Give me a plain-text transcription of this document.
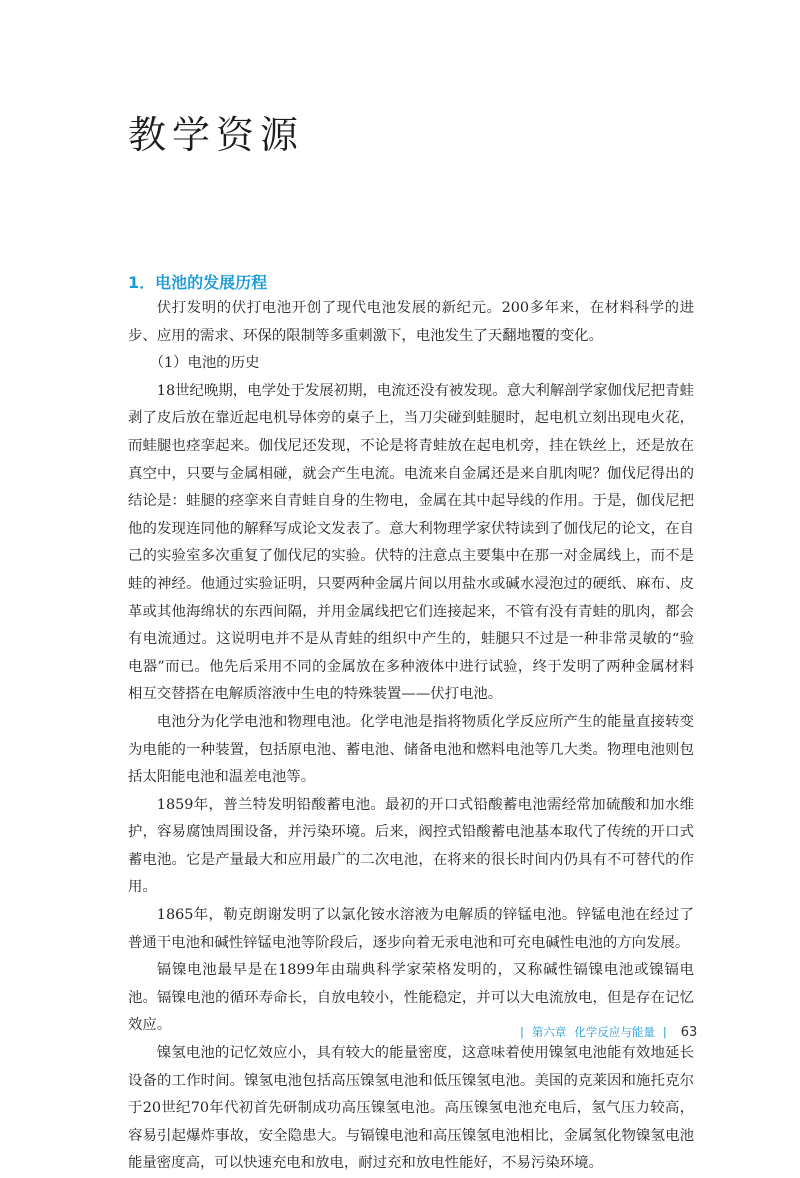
教学资源
1．电池的发展历程

伏打发明的伏打电池开创了现代电池发展的新纪元。200多年来，在材料科学的进步、应用的需求、环保的限制等多重刺激下，电池发生了天翻地覆的变化。

（1）电池的历史

18世纪晚期，电学处于发展初期，电流还没有被发现。意大利解剖学家伽伐尼把青蛙剥了皮后放在靠近起电机导体旁的桌子上，当刀尖碰到蛙腿时，起电机立刻出现电火花，而蛙腿也痉挛起来。伽伐尼还发现，不论是将青蛙放在起电机旁，挂在铁丝上，还是放在真空中，只要与金属相碰，就会产生电流。电流来自金属还是来自肌肉呢？伽伐尼得出的结论是：蛙腿的痉挛来自青蛙自身的生物电，金属在其中起导线的作用。于是，伽伐尼把他的发现连同他的解释写成论文发表了。意大利物理学家伏特读到了伽伐尼的论文，在自己的实验室多次重复了伽伐尼的实验。伏特的注意点主要集中在那一对金属线上，而不是蛙的神经。他通过实验证明，只要两种金属片间以用盐水或碱水浸泡过的硬纸、麻布、皮革或其他海绵状的东西间隔，并用金属线把它们连接起来，不管有没有青蛙的肌肉，都会有电流通过。这说明电并不是从青蛙的组织中产生的，蛙腿只不过是一种非常灵敏的“验电器”而已。他先后采用不同的金属放在多种液体中进行试验，终于发明了两种金属材料相互交替搭在电解质溶液中生电的特殊装置——伏打电池。

电池分为化学电池和物理电池。化学电池是指将物质化学反应所产生的能量直接转变为电能的一种装置，包括原电池、蓄电池、储备电池和燃料电池等几大类。物理电池则包括太阳能电池和温差电池等。

1859年，普兰特发明铅酸蓄电池。最初的开口式铅酸蓄电池需经常加硫酸和加水维护，容易腐蚀周围设备，并污染环境。后来，阀控式铅酸蓄电池基本取代了传统的开口式蓄电池。它是产量最大和应用最广的二次电池，在将来的很长时间内仍具有不可替代的作用。

1865年，勒克朗谢发明了以氯化铵水溶液为电解质的锌锰电池。锌锰电池在经过了普通干电池和碱性锌锰电池等阶段后，逐步向着无汞电池和可充电碱性电池的方向发展。

镉镍电池最早是在1899年由瑞典科学家荣格发明的，又称碱性镉镍电池或镍镉电池。镉镍电池的循环寿命长，自放电较小，性能稳定，并可以大电流放电，但是存在记忆效应。

镍氢电池的记忆效应小，具有较大的能量密度，这意味着使用镍氢电池能有效地延长设备的工作时间。镍氢电池包括高压镍氢电池和低压镍氢电池。美国的克莱因和施托克尔于20世纪70年代初首先研制成功高压镍氢电池。高压镍氢电池充电后，氢气压力较高，容易引起爆炸事故，安全隐患大。与镉镍电池和高压镍氢电池相比，金属氢化物镍氢电池能量密度高，可以快速充电和放电，耐过充和放电性能好，不易污染环境。

| 第六章 化学反应与能量 | 63
